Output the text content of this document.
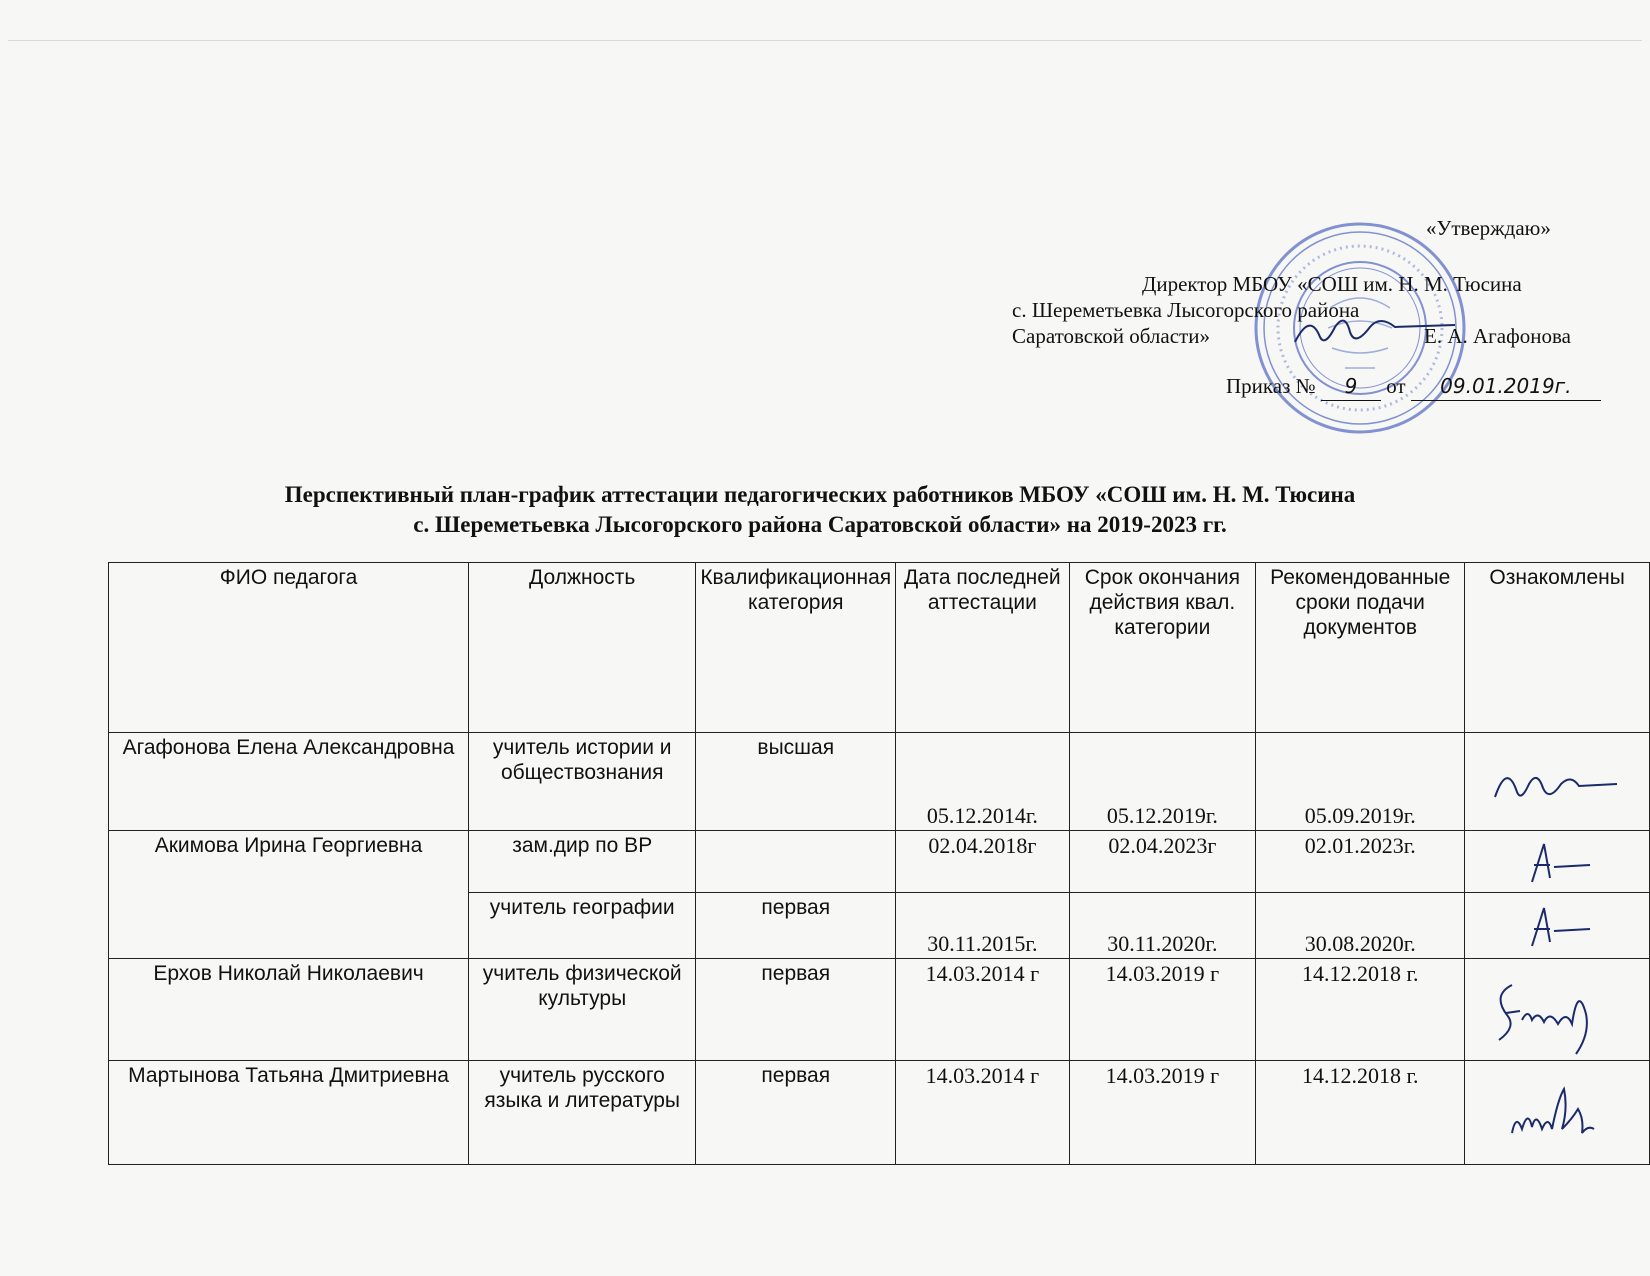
«Утверждаю»
Директор МБОУ «СОШ им. Н. М. Тюсина
с. Шереметьевка Лысогорского района
Саратовской области»	Е. А. Агафонова
Приказ № 9 от 09.01.2019г.
Перспективный план-график аттестации педагогических работников МБОУ «СОШ им. Н. М. Тюсина
с. Шереметьевка Лысогорского района Саратовской области» на 2019-2023 гг.
ФИО педагога	Должность	Квалификационная категория	Дата последней аттестации	Срок окончания действия квал. категории	Рекомендованные сроки подачи документов	Ознакомлены
Агафонова Елена Александровна	учитель истории и обществознания	высшая	05.12.2014г.	05.12.2019г.	05.09.2019г.	

Акимова Ирина Георгиевна	зам.дир по ВР		02.04.2018г	02.04.2023г	02.01.2023г.	

	учитель географии	первая	30.11.2015г.	30.11.2020г.	30.08.2020г.	

Ерхов Николай Николаевич	учитель физической культуры	первая	14.03.2014 г	14.03.2019 г	14.12.2018 г.	

Мартынова Татьяна Дмитриевна	учитель русского языка и литературы	первая	14.03.2014 г	14.03.2019 г	14.12.2018 г.	
